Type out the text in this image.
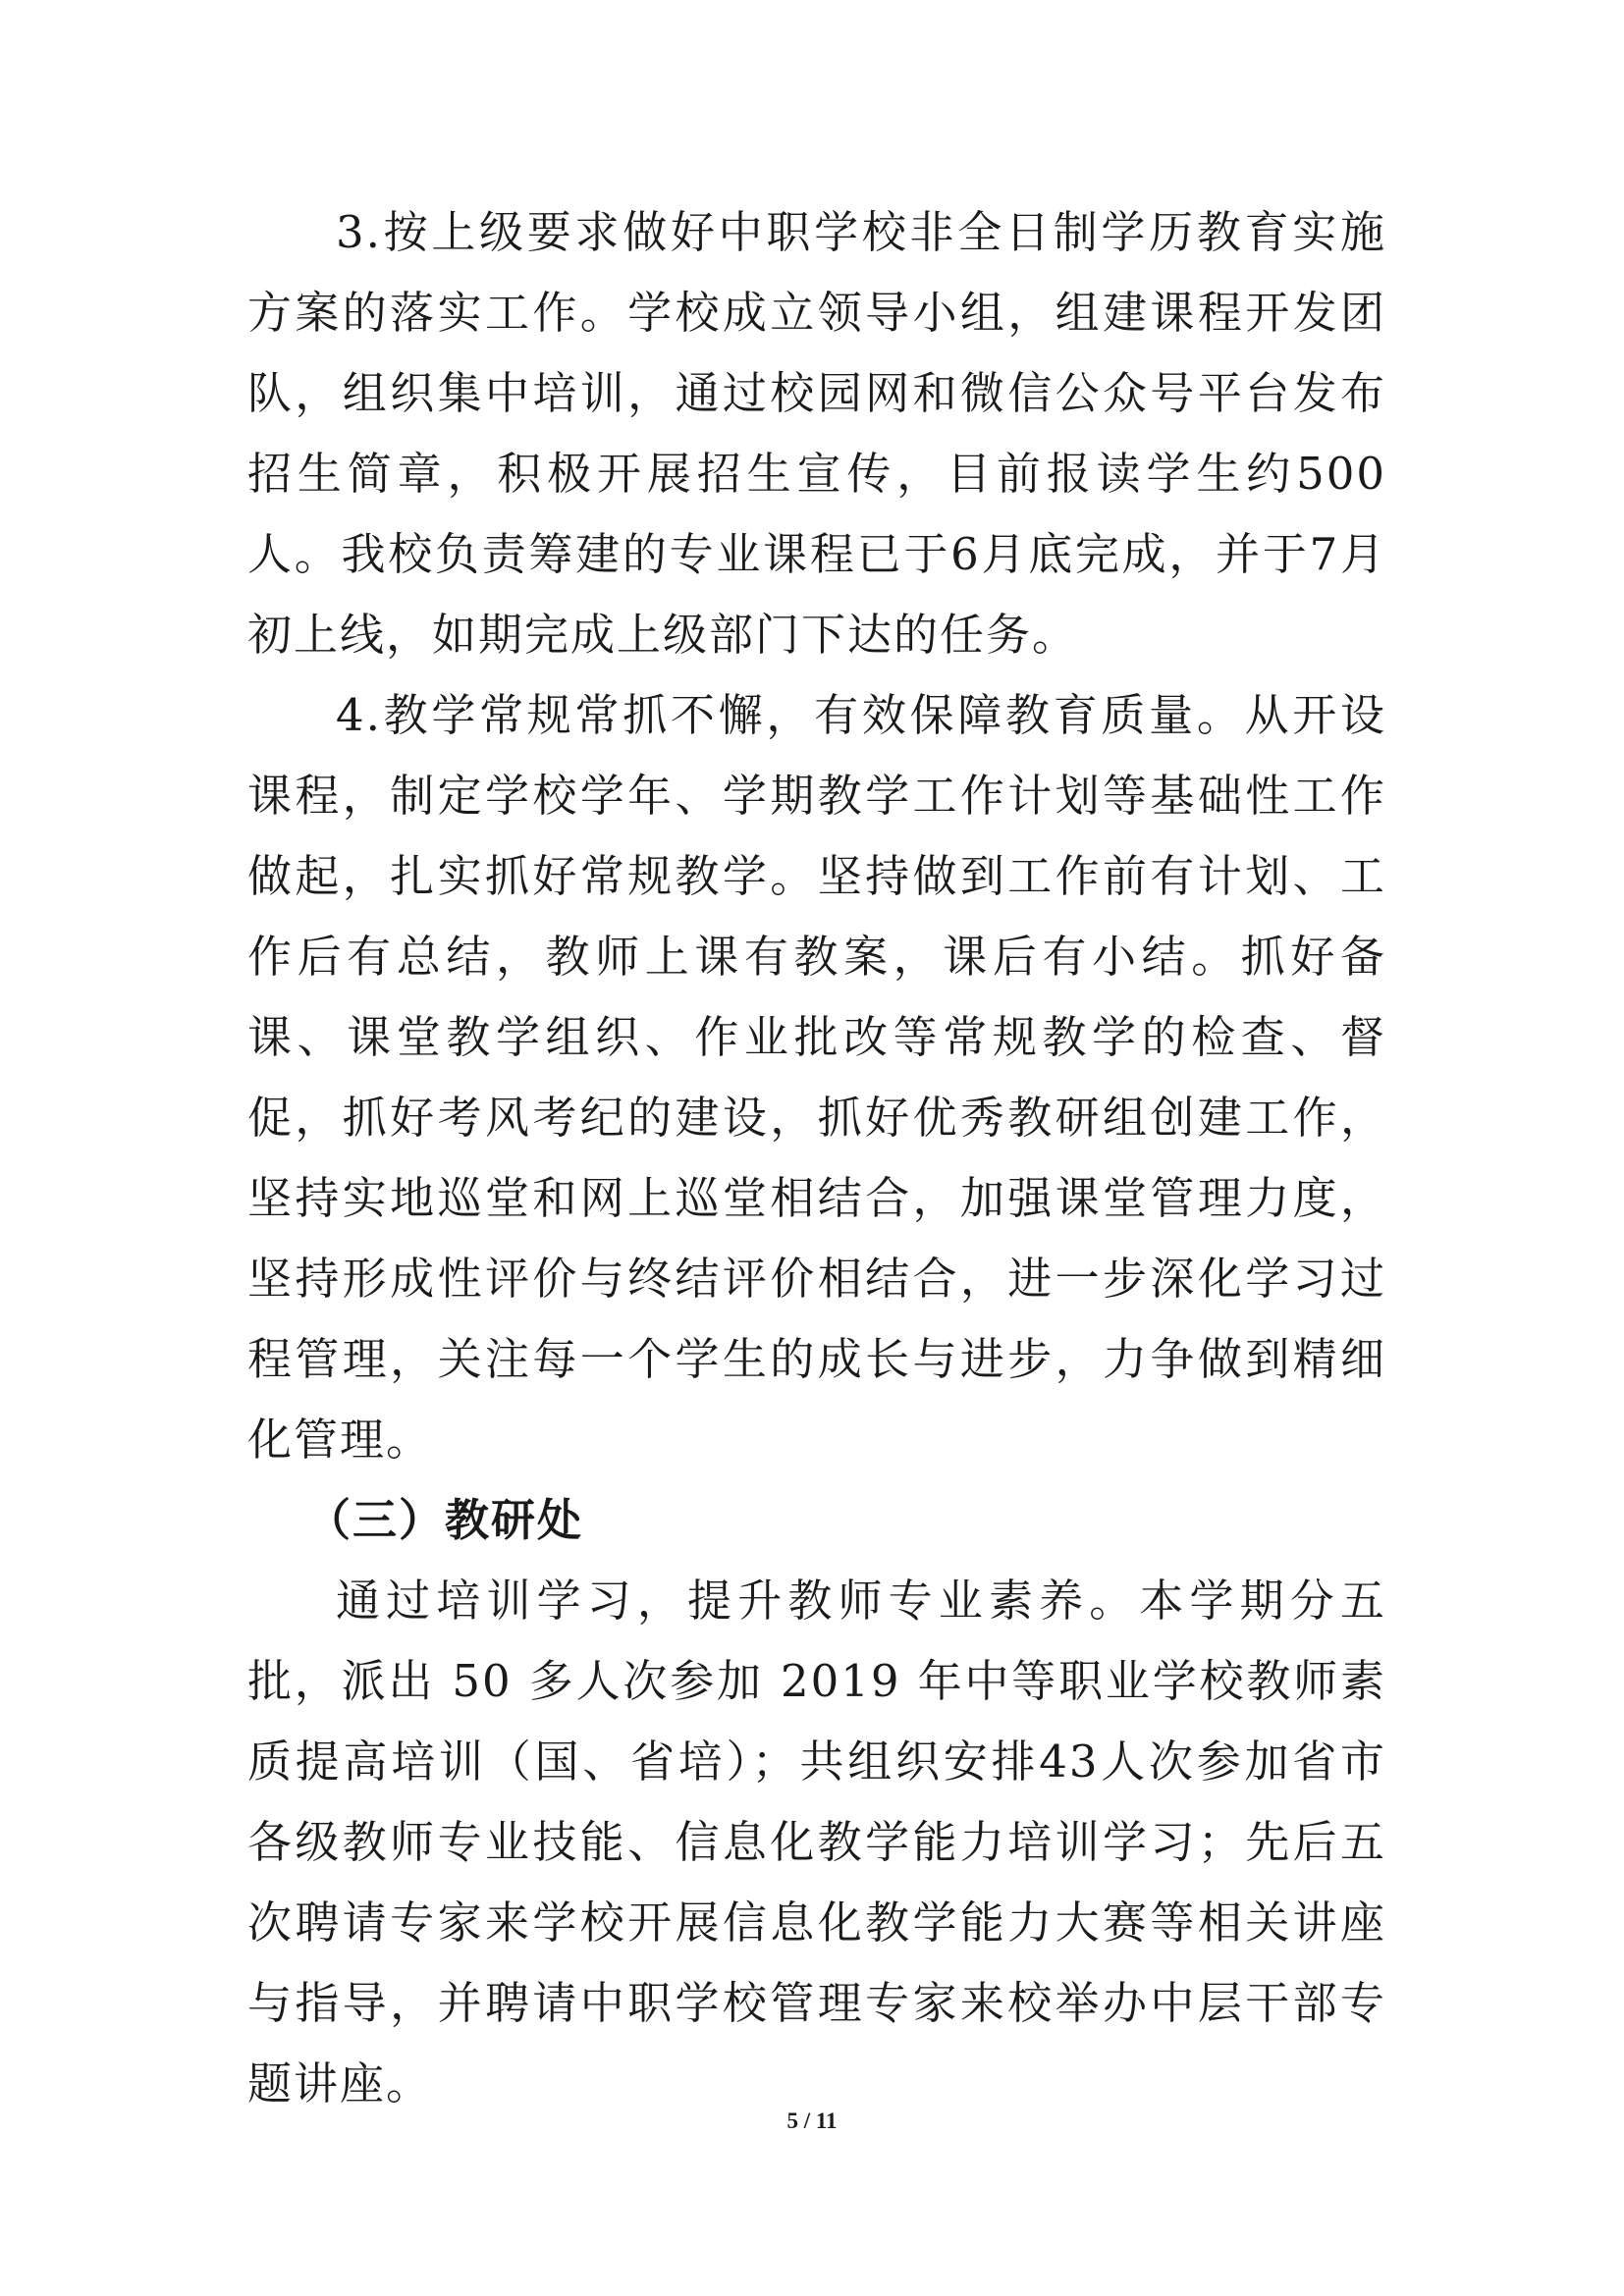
3.按上级要求做好中职学校非全日制学历教育实施方案的落实工作。学校成立领导小组，组建课程开发团队，组织集中培训，通过校园网和微信公众号平台发布招生简章，积极开展招生宣传，目前报读学生约500人。我校负责筹建的专业课程已于6月底完成，并于7月初上线，如期完成上级部门下达的任务。

4.教学常规常抓不懈，有效保障教育质量。从开设课程，制定学校学年、学期教学工作计划等基础性工作做起，扎实抓好常规教学。坚持做到工作前有计划、工作后有总结，教师上课有教案，课后有小结。抓好备课、课堂教学组织、作业批改等常规教学的检查、督促，抓好考风考纪的建设，抓好优秀教研组创建工作，坚持实地巡堂和网上巡堂相结合，加强课堂管理力度，坚持形成性评价与终结评价相结合，进一步深化学习过程管理，关注每一个学生的成长与进步，力争做到精细化管理。

（三）教研处

通过培训学习，提升教师专业素养。本学期分五批，派出 50 多人次参加 2019 年中等职业学校教师素质提高培训（国、省培）；共组织安排43人次参加省市各级教师专业技能、信息化教学能力培训学习；先后五次聘请专家来学校开展信息化教学能力大赛等相关讲座与指导，并聘请中职学校管理专家来校举办中层干部专题讲座。

5 / 11
